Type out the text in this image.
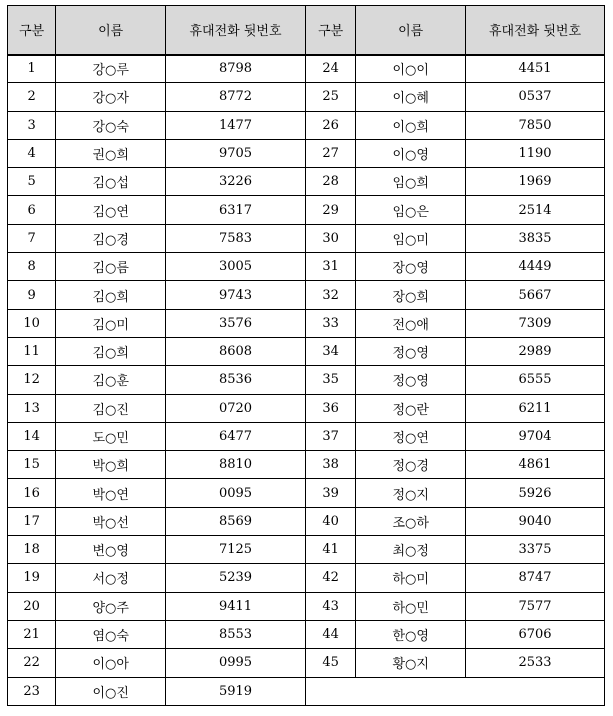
구분	이름	휴대전화 뒷번호	구분	이름	휴대전화 뒷번호
1	강○루	8798	24	이○이	4451
2	강○자	8772	25	이○혜	0537
3	강○숙	1477	26	이○희	7850
4	권○희	9705	27	이○영	1190
5	김○섭	3226	28	임○희	1969
6	김○연	6317	29	임○은	2514
7	김○경	7583	30	임○미	3835
8	김○름	3005	31	장○영	4449
9	김○희	9743	32	장○희	5667
10	김○미	3576	33	전○애	7309
11	김○희	8608	34	정○영	2989
12	김○훈	8536	35	정○영	6555
13	김○진	0720	36	정○란	6211
14	도○민	6477	37	정○연	9704
15	박○희	8810	38	정○경	4861
16	박○연	0095	39	정○지	5926
17	박○선	8569	40	조○하	9040
18	변○영	7125	41	최○정	3375
19	서○정	5239	42	하○미	8747
20	양○주	9411	43	하○민	7577
21	염○숙	8553	44	한○영	6706
22	이○아	0995	45	황○지	2533
23	이○진	5919			
